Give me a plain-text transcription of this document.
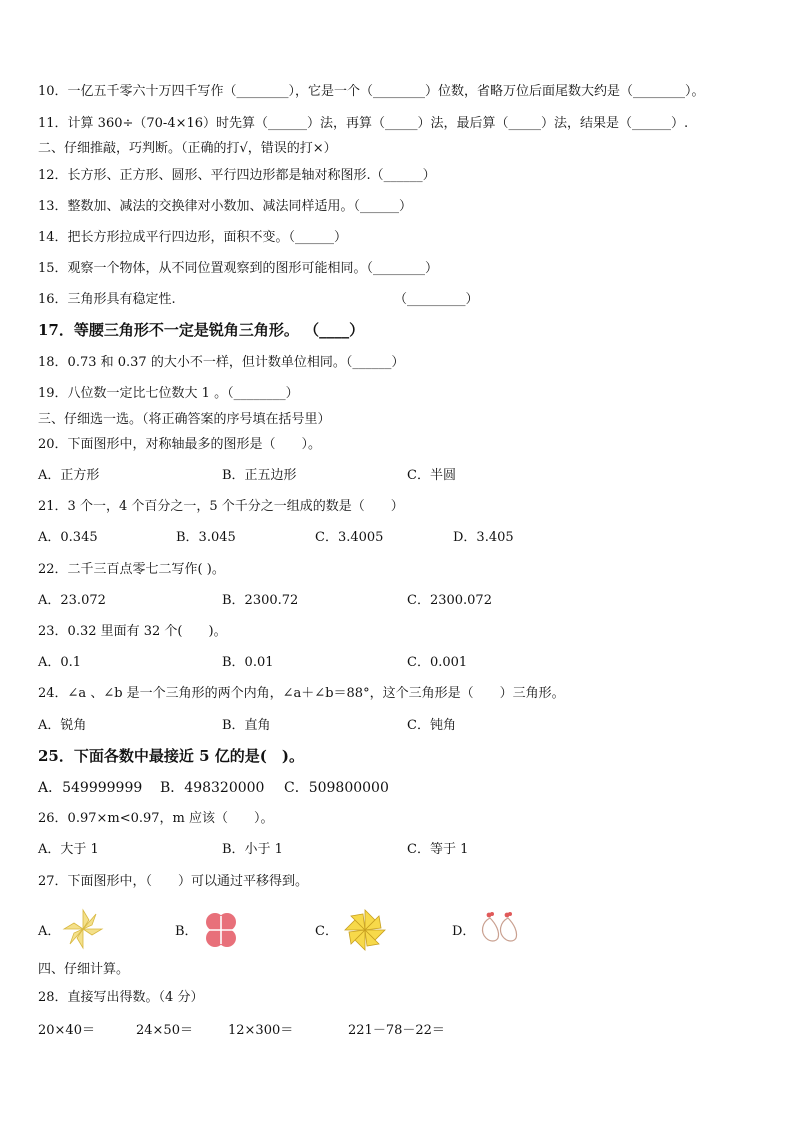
10．一亿五千零六十万四千写作（________），它是一个（________）位数，省略万位后面尾数大约是（________）。
11．计算 360÷（70-4×16）时先算（______）法，再算（_____）法，最后算（_____）法，结果是（______）.
二、仔细推敲，巧判断。（正确的打√，错误的打×）
12．长方形、正方形、圆形、平行四边形都是轴对称图形.（______）
13．整数加、减法的交换律对小数加、减法同样适用。（______）
14．把长方形拉成平行四边形，面积不变。（______）
15．观察一个物体，从不同位置观察到的图形可能相同。（________）
16．三角形具有稳定性.	（_________）
17．等腰三角形不一定是锐角三角形。 （____）
18．0.73 和 0.37 的大小不一样，但计数单位相同。（______）
19．八位数一定比七位数大 1 。（________）
三、仔细选一选。（将正确答案的序号填在括号里）
20．下面图形中，对称轴最多的图形是（　　）。
A．正方形	B．正五边形	C．半圆
21．3 个一，4 个百分之一，5 个千分之一组成的数是（　　）
A．0.345	B．3.045	C．3.4005	D．3.405
22．二千三百点零七二写作( )。
A．23.072	B．2300.72	C．2300.072
23．0.32 里面有 32 个(　　)。
A．0.1	B．0.01	C．0.001
24．∠a 、∠b 是一个三角形的两个内角，∠a＋∠b＝88°，这个三角形是（　　）三角形。
A．锐角	B．直角	C．钝角
25．下面各数中最接近 5 亿的是(　)。
A．549999999 B．498320000 C．509800000
26．0.97×m<0.97，m 应该（　　）。
A．大于 1	B．小于 1	C．等于 1
27．下面图形中，（　　）可以通过平移得到。
A．	B．	C．	D．
四、仔细计算。
28．直接写出得数。（4 分）
20×40＝	24×50＝	12×300＝	221－78－22＝
